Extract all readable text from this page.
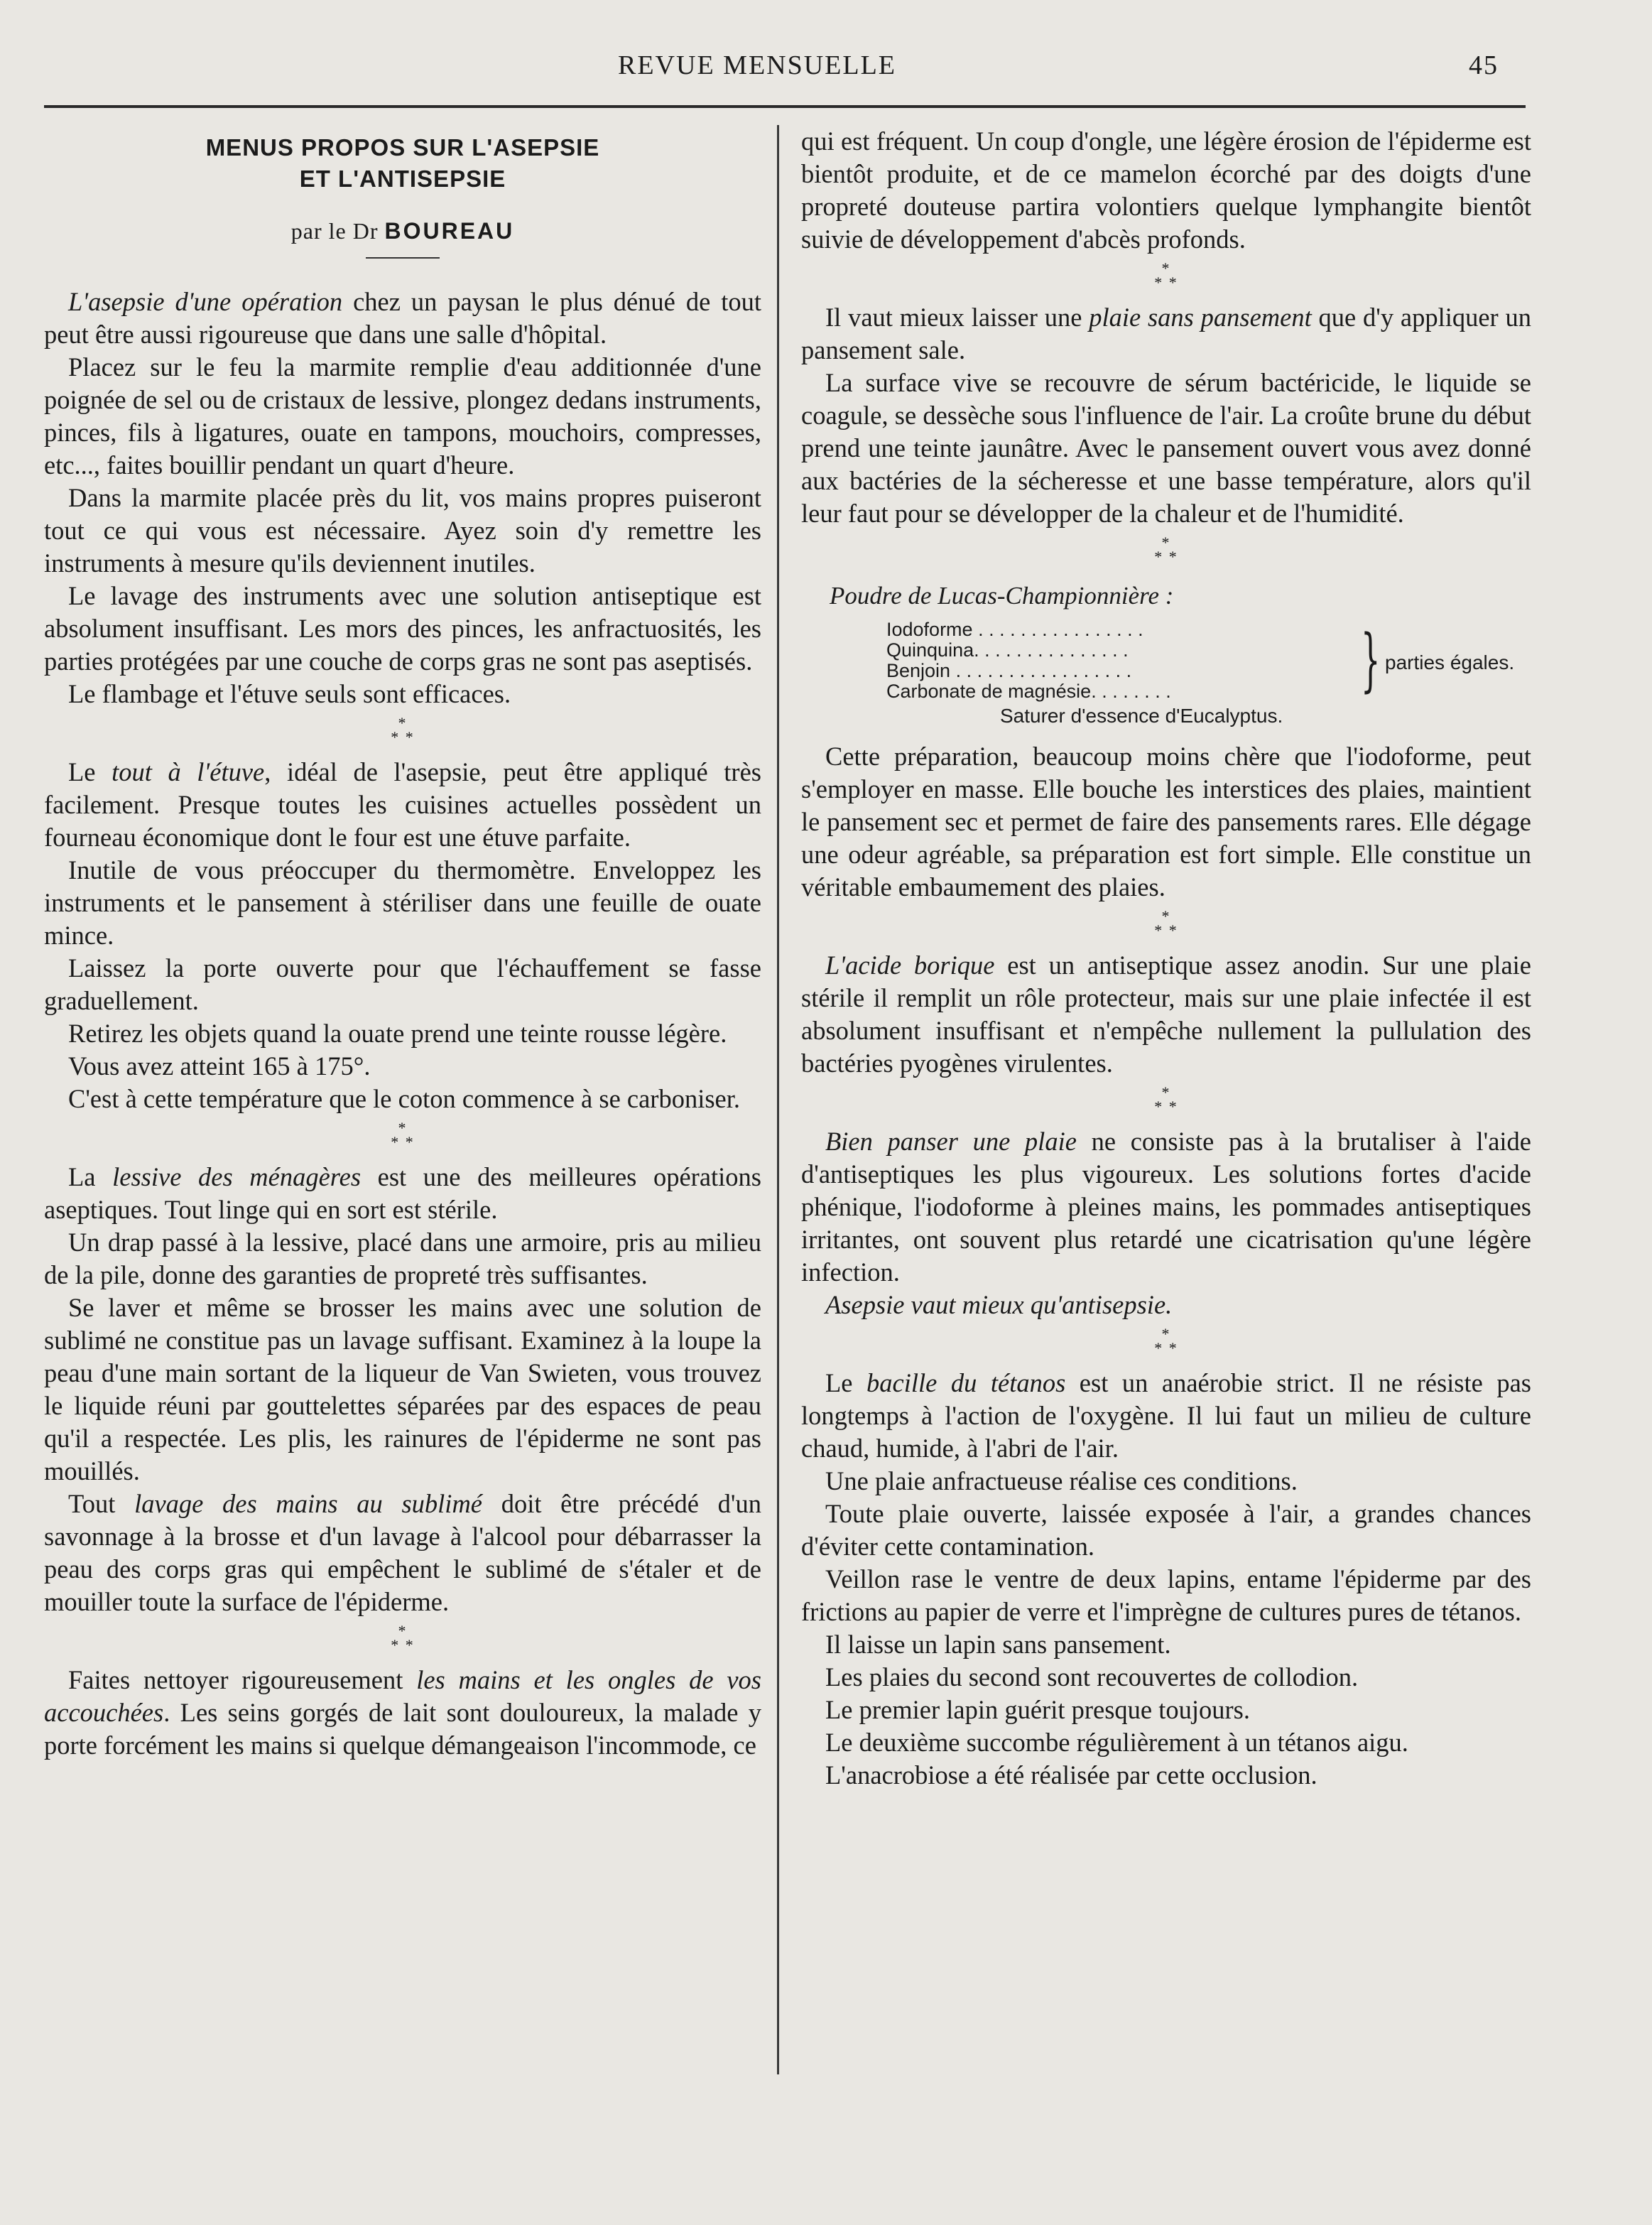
REVUE MENSUELLE	45
MENUS PROPOS SUR L'ASEPSIE
ET L'ANTISEPSIE
par le Dr BOUREAU

L'asepsie d'une opération chez un paysan le plus dénué de tout peut être aussi rigoureuse que dans une salle d'hôpital.

Placez sur le feu la marmite remplie d'eau additionnée d'une poignée de sel ou de cristaux de lessive, plongez dedans instruments, pinces, fils à ligatures, ouate en tampons, mouchoirs, compresses, etc..., faites bouillir pendant un quart d'heure.

Dans la marmite placée près du lit, vos mains propres puiseront tout ce qui vous est nécessaire. Ayez soin d'y remettre les instruments à mesure qu'ils deviennent inutiles.

Le lavage des instruments avec une solution antiseptique est absolument insuffisant. Les mors des pinces, les anfractuosités, les parties protégées par une couche de corps gras ne sont pas aseptisés.

Le flambage et l'étuve seuls sont efficaces.

*
* *

Le tout à l'étuve, idéal de l'asepsie, peut être appliqué très facilement. Presque toutes les cuisines actuelles possèdent un fourneau économique dont le four est une étuve parfaite.

Inutile de vous préoccuper du thermomètre. Enveloppez les instruments et le pansement à stériliser dans une feuille de ouate mince.

Laissez la porte ouverte pour que l'échauffement se fasse graduellement.

Retirez les objets quand la ouate prend une teinte rousse légère.

Vous avez atteint 165 à 175°.

C'est à cette température que le coton commence à se carboniser.

*
* *

La lessive des ménagères est une des meilleures opérations aseptiques. Tout linge qui en sort est stérile.

Un drap passé à la lessive, placé dans une armoire, pris au milieu de la pile, donne des garanties de propreté très suffisantes.

Se laver et même se brosser les mains avec une solution de sublimé ne constitue pas un lavage suffisant. Examinez à la loupe la peau d'une main sortant de la liqueur de Van Swieten, vous trouvez le liquide réuni par gouttelettes séparées par des espaces de peau qu'il a respectée. Les plis, les rainures de l'épiderme ne sont pas mouillés.

Tout lavage des mains au sublimé doit être précédé d'un savonnage à la brosse et d'un lavage à l'alcool pour débarrasser la peau des corps gras qui empêchent le sublimé de s'étaler et de mouiller toute la surface de l'épiderme.

*
* *

Faites nettoyer rigoureusement les mains et les ongles de vos accouchées. Les seins gorgés de lait sont douloureux, la malade y porte forcément les mains si quelque démangeaison l'incommode, ce

qui est fréquent. Un coup d'ongle, une légère érosion de l'épiderme est bientôt produite, et de ce mamelon écorché par des doigts d'une propreté douteuse partira volontiers quelque lymphangite bientôt suivie de développement d'abcès profonds.

*
* *

Il vaut mieux laisser une plaie sans pansement que d'y appliquer un pansement sale.

La surface vive se recouvre de sérum bactéricide, le liquide se coagule, se dessèche sous l'influence de l'air. La croûte brune du début prend une teinte jaunâtre. Avec le pansement ouvert vous avez donné aux bactéries de la sécheresse et une basse température, alors qu'il leur faut pour se développer de la chaleur et de l'humidité.

*
* *
Poudre de Lucas-Championnière :
Iodoforme . . . . . . . . . . . . . . . .
Quinquina. . . . . . . . . . . . . . .
Benjoin . . . . . . . . . . . . . . . . .
Carbonate de magnésie. . . . . . . .	} parties égales.
Saturer d'essence d'Eucalyptus.

Cette préparation, beaucoup moins chère que l'iodoforme, peut s'employer en masse. Elle bouche les interstices des plaies, maintient le pansement sec et permet de faire des pansements rares. Elle dégage une odeur agréable, sa préparation est fort simple. Elle constitue un véritable embaumement des plaies.

*
* *

L'acide borique est un antiseptique assez anodin. Sur une plaie stérile il remplit un rôle protecteur, mais sur une plaie infectée il est absolument insuffisant et n'empêche nullement la pullulation des bactéries pyogènes virulentes.

*
* *

Bien panser une plaie ne consiste pas à la brutaliser à l'aide d'antiseptiques les plus vigoureux. Les solutions fortes d'acide phénique, l'iodoforme à pleines mains, les pommades antiseptiques irritantes, ont souvent plus retardé une cicatrisation qu'une légère infection.

Asepsie vaut mieux qu'antisepsie.

*
* *

Le bacille du tétanos est un anaérobie strict. Il ne résiste pas longtemps à l'action de l'oxygène. Il lui faut un milieu de culture chaud, humide, à l'abri de l'air.

Une plaie anfractueuse réalise ces conditions.

Toute plaie ouverte, laissée exposée à l'air, a grandes chances d'éviter cette contamination.

Veillon rase le ventre de deux lapins, entame l'épiderme par des frictions au papier de verre et l'imprègne de cultures pures de tétanos.

Il laisse un lapin sans pansement.

Les plaies du second sont recouvertes de collodion.

Le premier lapin guérit presque toujours.

Le deuxième succombe régulièrement à un tétanos aigu.

L'anacrobiose a été réalisée par cette occlusion.
